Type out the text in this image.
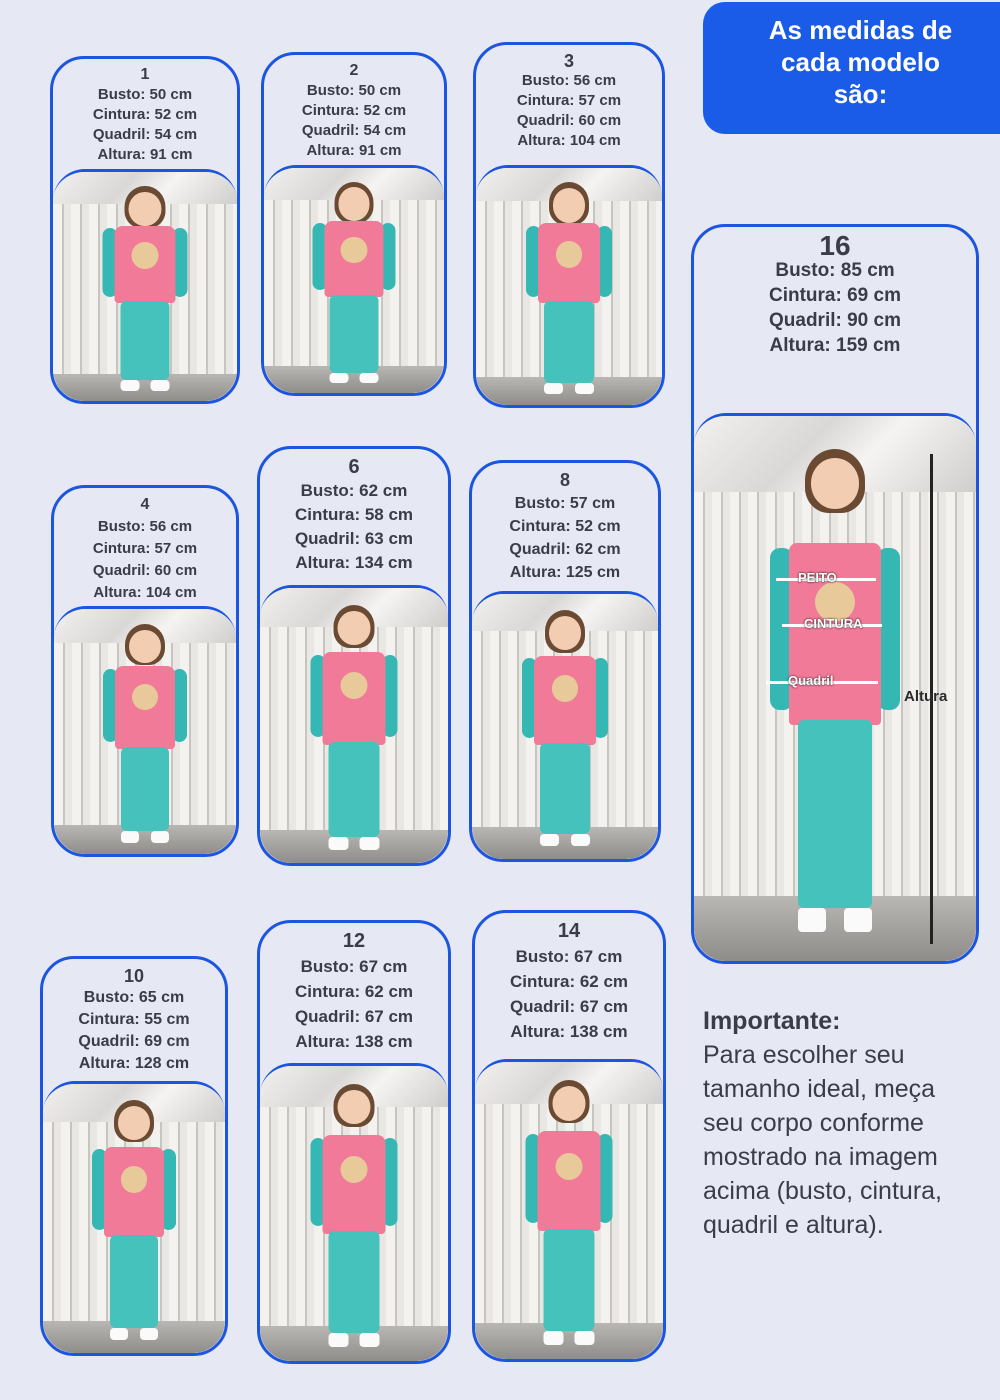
As medidas de
cada modelo
são:
1
Busto: 50 cm
Cintura: 52 cm
Quadril: 54 cm
Altura: 91 cm
2
Busto: 50 cm
Cintura: 52 cm
Quadril: 54 cm
Altura: 91 cm
3
Busto: 56 cm
Cintura: 57 cm
Quadril: 60 cm
Altura: 104 cm
4
Busto: 56 cm
Cintura: 57 cm
Quadril: 60 cm
Altura: 104 cm
6
Busto: 62 cm
Cintura: 58 cm
Quadril: 63 cm
Altura: 134 cm
8
Busto: 57 cm
Cintura: 52 cm
Quadril: 62 cm
Altura: 125 cm
10
Busto: 65 cm
Cintura: 55 cm
Quadril: 69 cm
Altura: 128 cm
12
Busto: 67 cm
Cintura: 62 cm
Quadril: 67 cm
Altura: 138 cm
14
Busto: 67 cm
Cintura: 62 cm
Quadril: 67 cm
Altura: 138 cm
16
Busto: 85 cm
Cintura: 69 cm
Quadril: 90 cm
Altura: 159 cm
PEITO
CINTURA
Quadril
Altura
Importante:
Para escolher seu tamanho ideal, meça seu corpo conforme mostrado na imagem acima (busto, cintura, quadril e altura).
